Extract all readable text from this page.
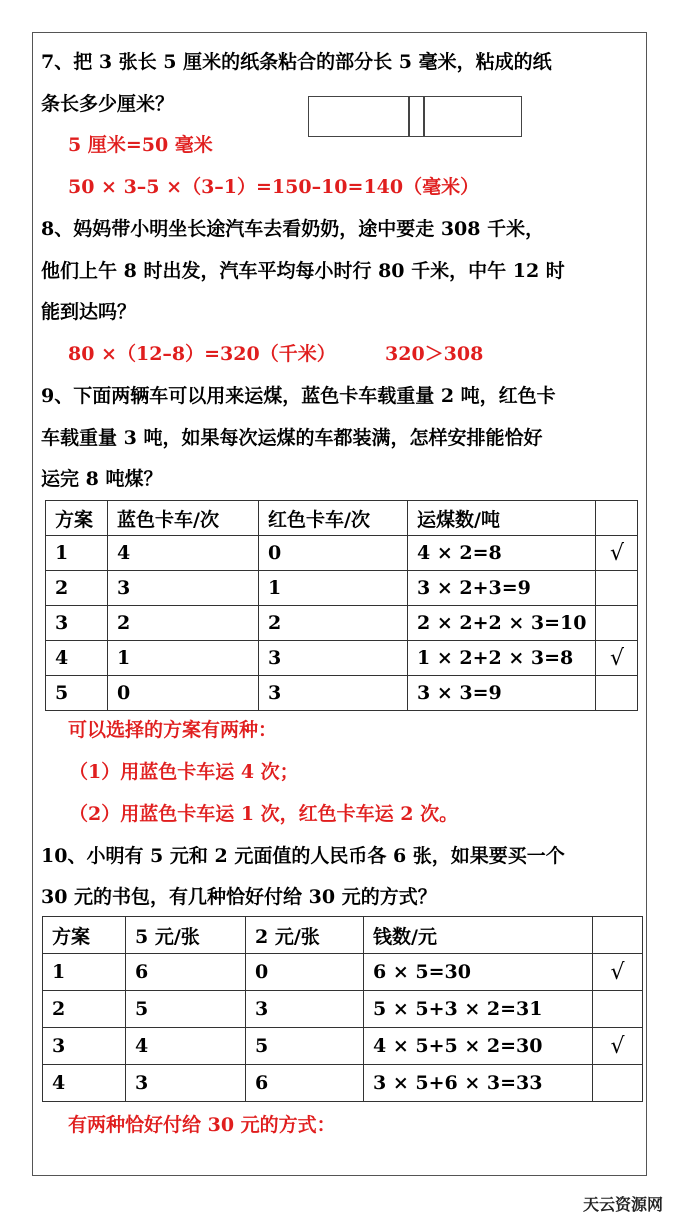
7、把 3 张长 5 厘米的纸条粘合的部分长 5 毫米，粘成的纸
条长多少厘米？
5 厘米=50 毫米
50 × 3–5 ×（3–1）=150–10=140（毫米）
8、妈妈带小明坐长途汽车去看奶奶，途中要走 308 千米，
他们上午 8 时出发，汽车平均每小时行 80 千米，中午 12 时
能到达吗？
80 ×（12–8）=320（千米）	320＞308
9、下面两辆车可以用来运煤，蓝色卡车载重量 2 吨，红色卡
车载重量 3 吨，如果每次运煤的车都装满，怎样安排能恰好
运完 8 吨煤？
方案	蓝色卡车/次	红色卡车/次	运煤数/吨	
1	4	0	4 × 2=8	√
2	3	1	3 × 2+3=9	
3	2	2	2 × 2+2 × 3=10	
4	1	3	1 × 2+2 × 3=8	√
5	0	3	3 × 3=9	
可以选择的方案有两种：
（1）用蓝色卡车运 4 次；
（2）用蓝色卡车运 1 次，红色卡车运 2 次。
10、小明有 5 元和 2 元面值的人民币各 6 张，如果要买一个
30 元的书包，有几种恰好付给 30 元的方式？
方案	5 元/张	2 元/张	钱数/元	
1	6	0	6 × 5=30	√
2	5	3	5 × 5+3 × 2=31	
3	4	5	4 × 5+5 × 2=30	√
4	3	6	3 × 5+6 × 3=33	
有两种恰好付给 30 元的方式：
天云资源网
